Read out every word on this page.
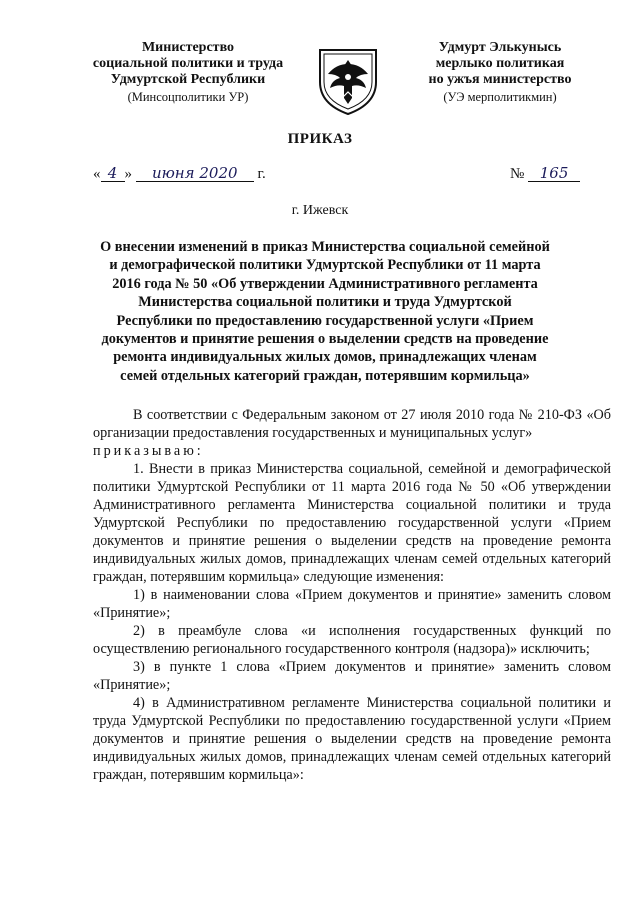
Министерство
социальной политики и труда
Удмуртской Республики
(Минсоцполитики УР)
Удмурт Элькунысь
мерлыко политикая
но ужъя министерство
(УЭ мерполитикмин)
ПРИКАЗ
« 4 » июня 2020 г.	№ 165
г. Ижевск
О внесении изменений в приказ Министерства социальной семейной и демографической политики Удмуртской Республики от 11 марта 2016 года № 50 «Об утверждении Административного регламента Министерства социальной политики и труда Удмуртской Республики по предоставлению государственной услуги «Прием документов и принятие решения о выделении средств на проведение ремонта индивидуальных жилых домов, принадлежащих членам семей отдельных категорий граждан, потерявшим кормильца»

В соответствии с Федеральным законом от 27 июля 2010 года № 210-ФЗ «Об организации предоставления государственных и муниципальных услуг»

приказываю:

1. Внести в приказ Министерства социальной, семейной и демографической политики Удмуртской Республики от 11 марта 2016 года № 50 «Об утверждении Административного регламента Министерства социальной политики и труда Удмуртской Республики по предоставлению государственной услуги «Прием документов и принятие решения о выделении средств на проведение ремонта индивидуальных жилых домов, принадлежащих членам семей отдельных категорий граждан, потерявшим кормильца» следующие изменения:

1) в наименовании слова «Прием документов и принятие» заменить словом «Принятие»;

2) в преамбуле слова «и исполнения государственных функций по осуществлению регионального государственного контроля (надзора)» исключить;

3) в пункте 1 слова «Прием документов и принятие» заменить словом «Принятие»;

4) в Административном регламенте Министерства социальной политики и труда Удмуртской Республики по предоставлению государственной услуги «Прием документов и принятие решения о выделении средств на проведение ремонта индивидуальных жилых домов, принадлежащих членам семей отдельных категорий граждан, потерявшим кормильца»:
